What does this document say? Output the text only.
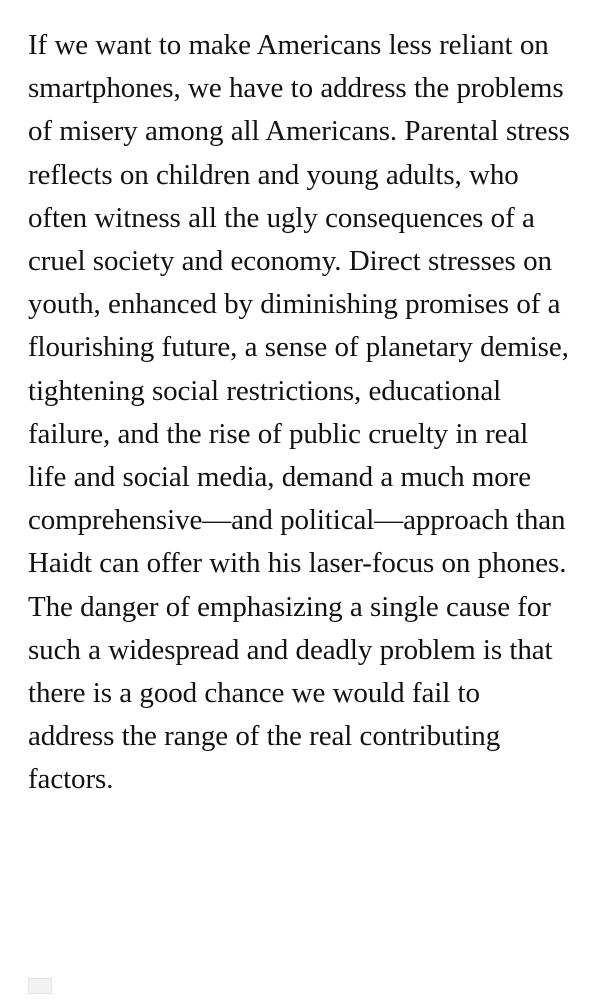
If we want to make Americans less reliant on smartphones, we have to address the problems of misery among all Americans. Parental stress reflects on children and young adults, who often witness all the ugly consequences of a cruel society and economy. Direct stresses on youth, enhanced by diminishing promises of a flourishing future, a sense of planetary demise, tightening social restrictions, educational failure, and the rise of public cruelty in real life and social media, demand a much more comprehensive—and political—approach than Haidt can offer with his laser-focus on phones. The danger of emphasizing a single cause for such a widespread and deadly problem is that there is a good chance we would fail to address the range of the real contributing factors.
